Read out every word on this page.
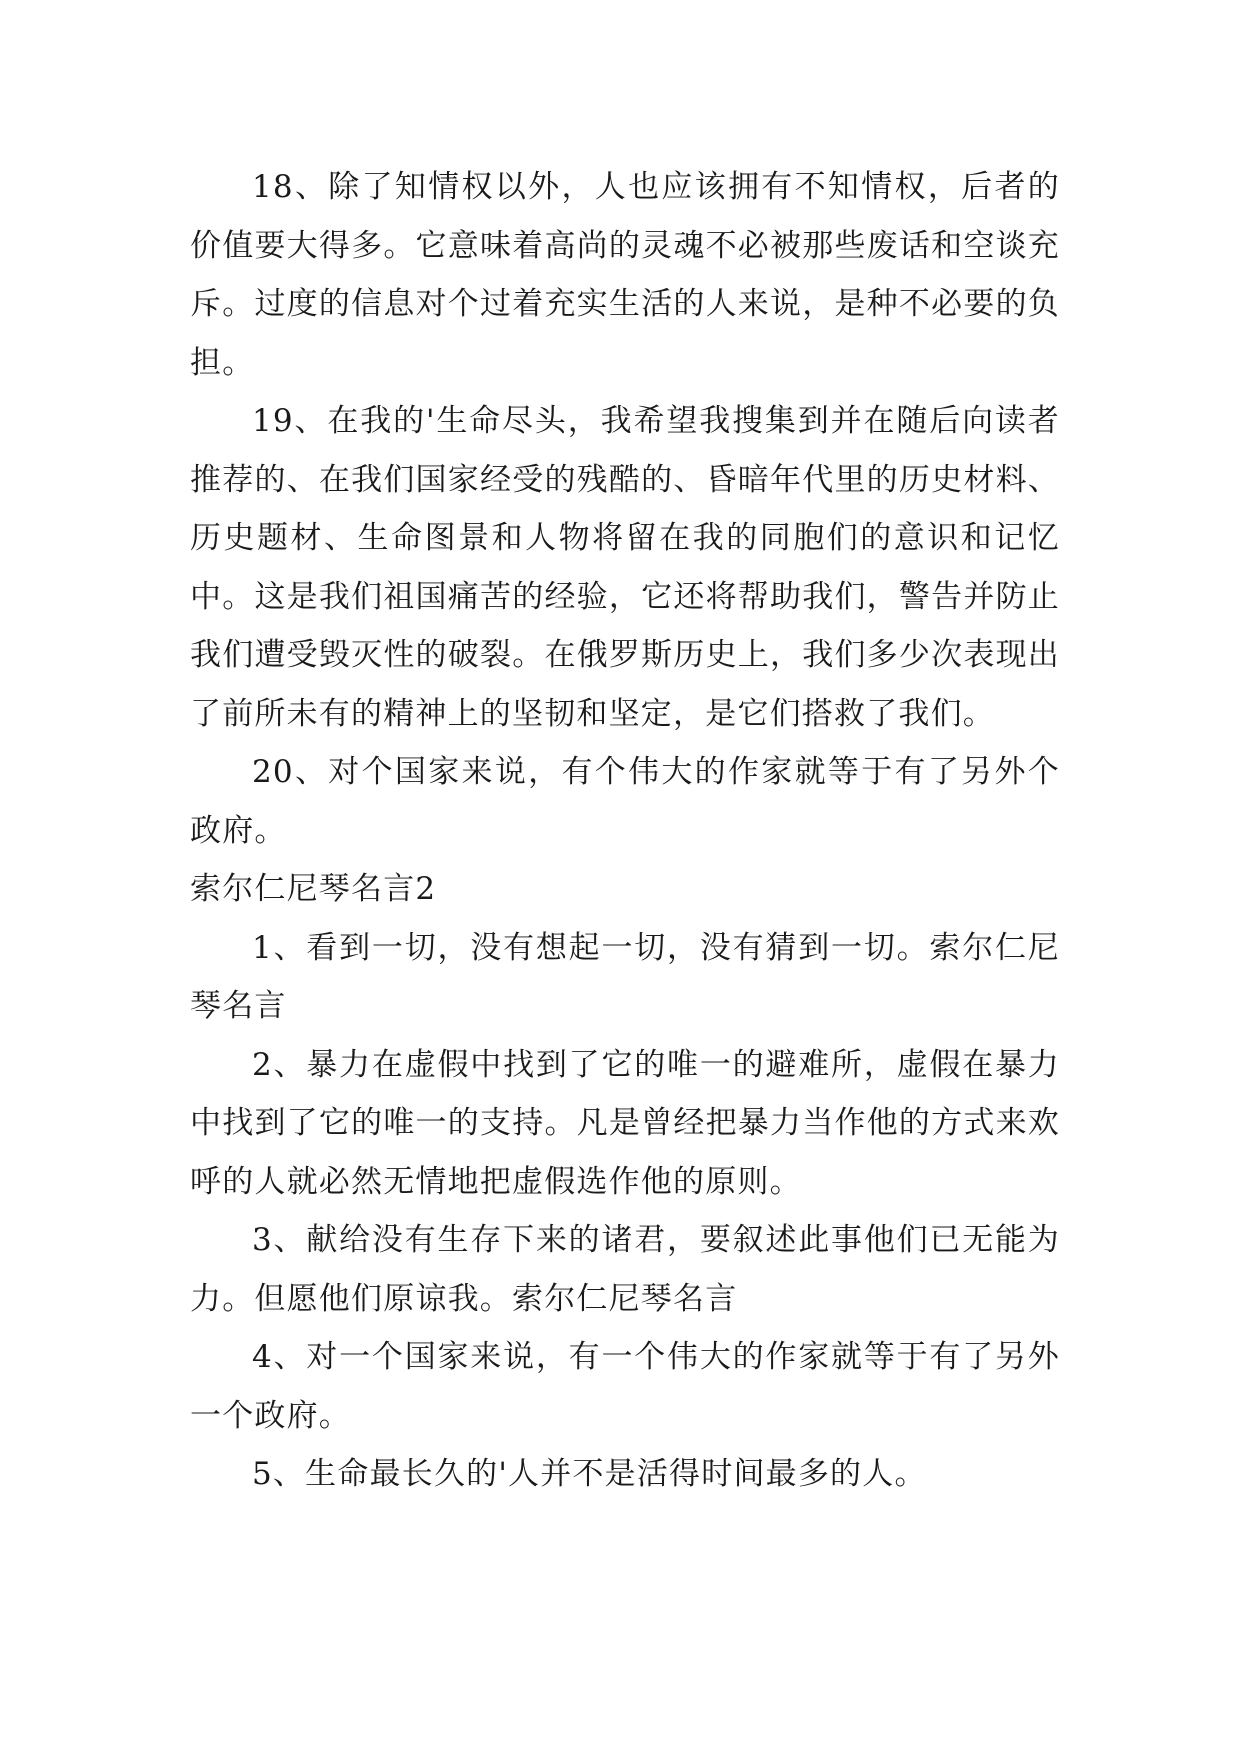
18、除了知情权以外，人也应该拥有不知情权，后者的价值要大得多。它意味着高尚的灵魂不必被那些废话和空谈充斥。过度的信息对个过着充实生活的人来说，是种不必要的负担。

19、在我的'生命尽头，我希望我搜集到并在随后向读者推荐的、在我们国家经受的残酷的、昏暗年代里的历史材料、历史题材、生命图景和人物将留在我的同胞们的意识和记忆中。这是我们祖国痛苦的经验，它还将帮助我们，警告并防止我们遭受毁灭性的破裂。在俄罗斯历史上，我们多少次表现出了前所未有的精神上的坚韧和坚定，是它们搭救了我们。

20、对个国家来说，有个伟大的作家就等于有了另外个政府。

索尔仁尼琴名言2

1、看到一切，没有想起一切，没有猜到一切。索尔仁尼琴名言

2、暴力在虚假中找到了它的唯一的避难所，虚假在暴力中找到了它的唯一的支持。凡是曾经把暴力当作他的方式来欢呼的人就必然无情地把虚假选作他的原则。

3、献给没有生存下来的诸君，要叙述此事他们已无能为力。但愿他们原谅我。索尔仁尼琴名言

4、对一个国家来说，有一个伟大的作家就等于有了另外一个政府。

5、生命最长久的'人并不是活得时间最多的人。
